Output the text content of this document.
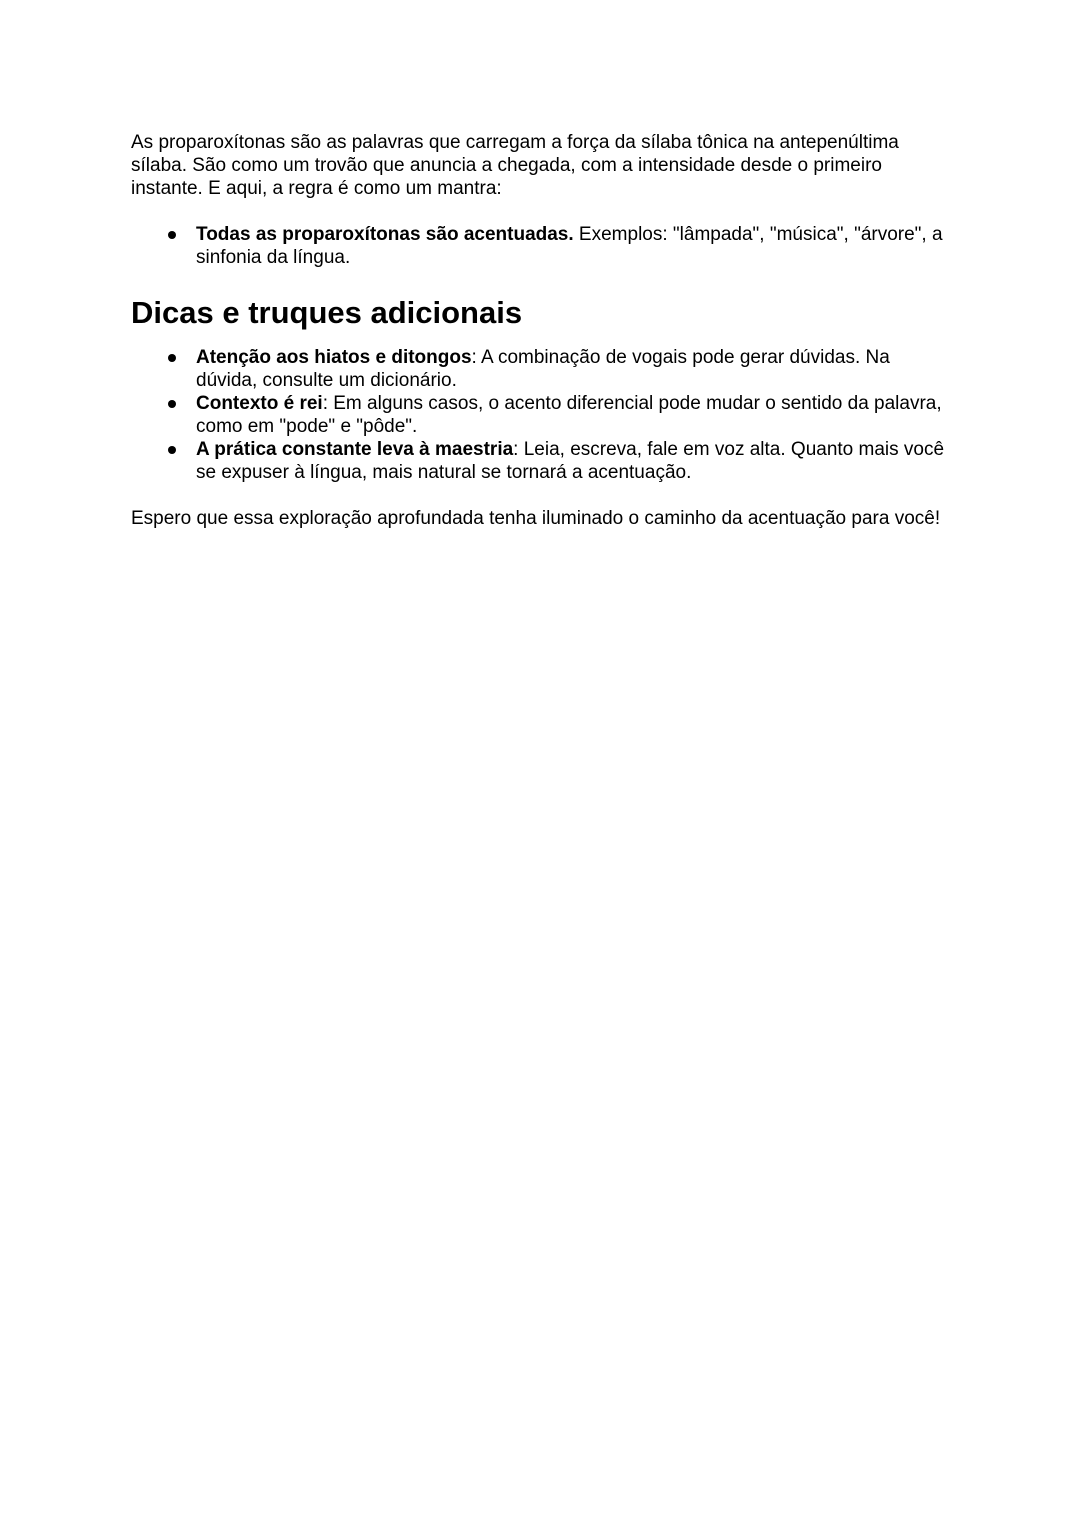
As proparoxítonas são as palavras que carregam a força da sílaba tônica na antepenúltima sílaba. São como um trovão que anuncia a chegada, com a intensidade desde o primeiro instante. E aqui, a regra é como um mantra:

Todas as proparoxítonas são acentuadas. Exemplos: "lâmpada", "música", "árvore", a sinfonia da língua.
Dicas e truques adicionais
Atenção aos hiatos e ditongos: A combinação de vogais pode gerar dúvidas. Na dúvida, consulte um dicionário.
Contexto é rei: Em alguns casos, o acento diferencial pode mudar o sentido da palavra, como em "pode" e "pôde".
A prática constante leva à maestria: Leia, escreva, fale em voz alta. Quanto mais você se expuser à língua, mais natural se tornará a acentuação.

Espero que essa exploração aprofundada tenha iluminado o caminho da acentuação para você!
